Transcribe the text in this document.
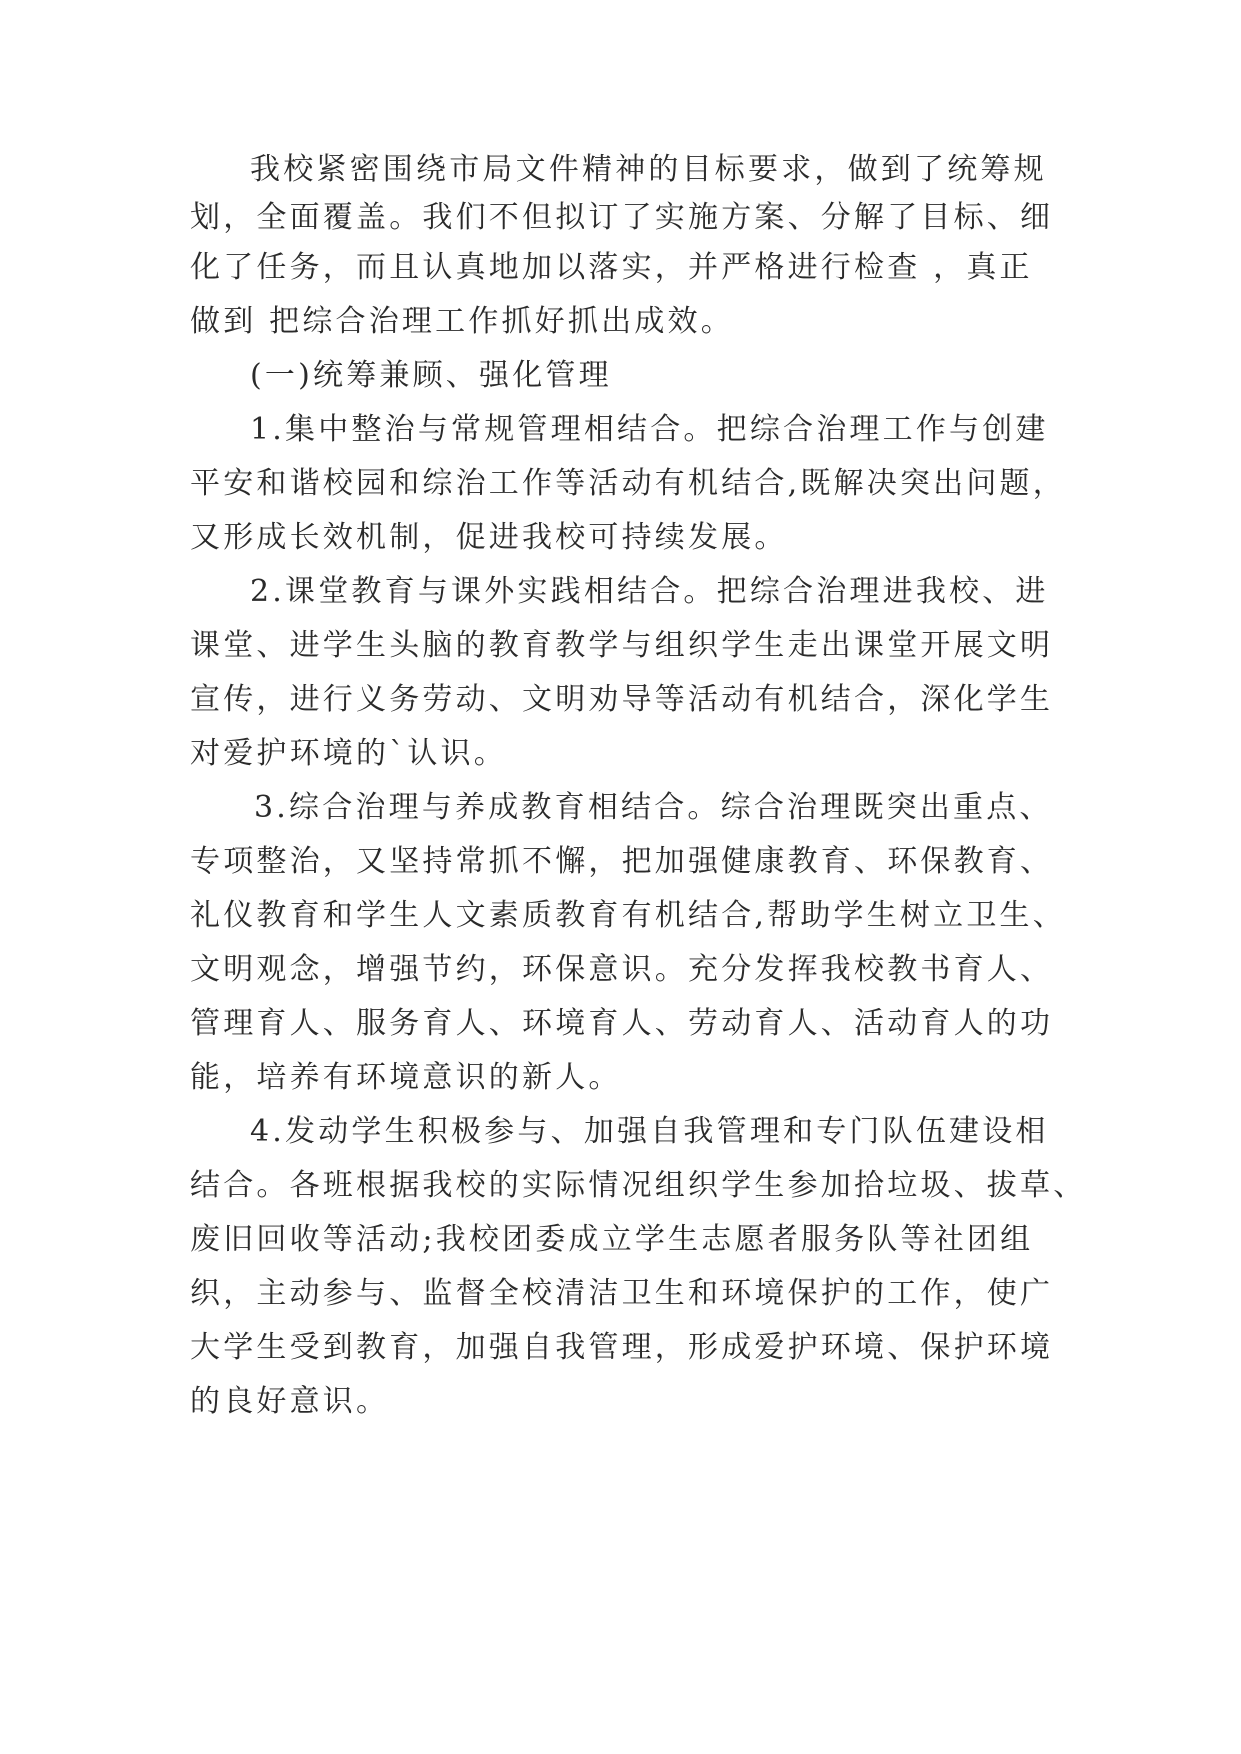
我校紧密围绕市局文件精神的目标要求，做到了统筹规

划，全面覆盖。我们不但拟订了实施方案、分解了目标、细

化了任务，而且认真地加以落实，并严格进行检查 ，真正

做到 把综合治理工作抓好抓出成效。

(一)统筹兼顾、强化管理

1.集中整治与常规管理相结合。把综合治理工作与创建

平安和谐校园和综治工作等活动有机结合,既解决突出问题，

又形成长效机制，促进我校可持续发展。

2.课堂教育与课外实践相结合。把综合治理进我校、进

课堂、进学生头脑的教育教学与组织学生走出课堂开展文明

宣传，进行义务劳动、文明劝导等活动有机结合，深化学生

对爱护环境的`认识。

3.综合治理与养成教育相结合。综合治理既突出重点、

专项整治，又坚持常抓不懈，把加强健康教育、环保教育、

礼仪教育和学生人文素质教育有机结合,帮助学生树立卫生、

文明观念，增强节约，环保意识。充分发挥我校教书育人、

管理育人、服务育人、环境育人、劳动育人、活动育人的功

能，培养有环境意识的新人。

4.发动学生积极参与、加强自我管理和专门队伍建设相

结合。各班根据我校的实际情况组织学生参加拾垃圾、拔草、

废旧回收等活动;我校团委成立学生志愿者服务队等社团组

织，主动参与、监督全校清洁卫生和环境保护的工作，使广

大学生受到教育，加强自我管理，形成爱护环境、保护环境

的良好意识。
